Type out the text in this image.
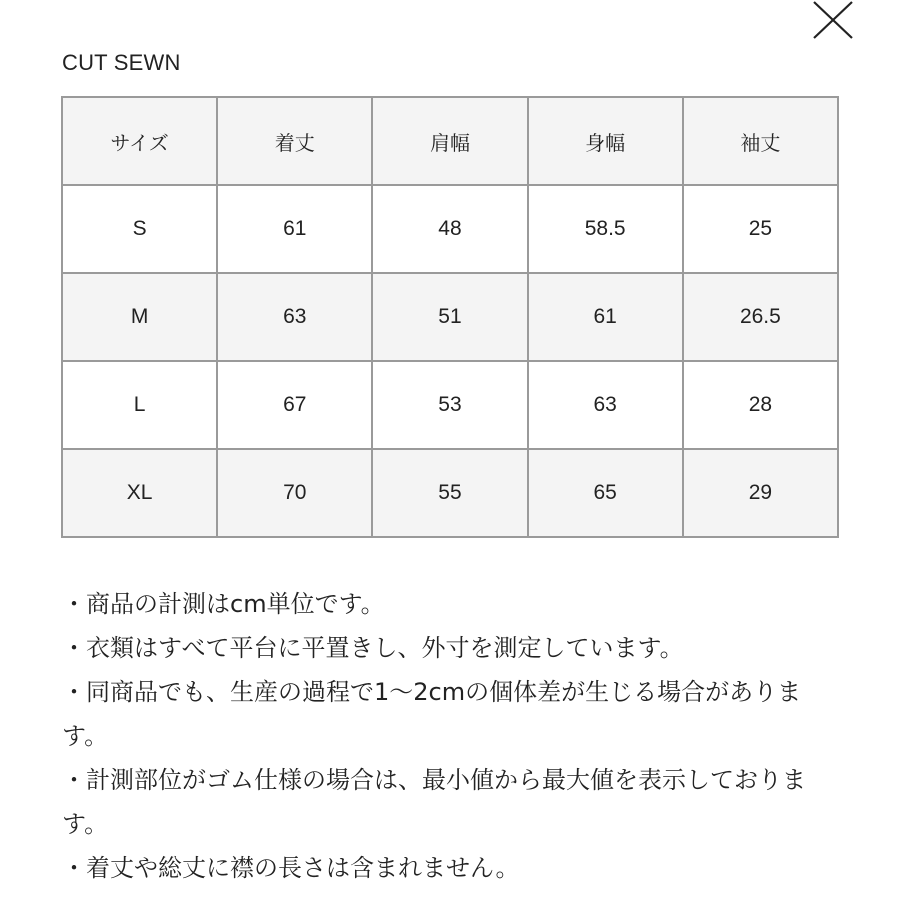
CUT SEWN
サイズ	着丈	肩幅	身幅	袖丈
S	61	48	58.5	25
M	63	51	61	26.5
L	67	53	63	28
XL	70	55	65	29
・商品の計測はcm単位です。
・衣類はすべて平台に平置きし、外寸を測定しています。
・同商品でも、生産の過程で1〜2cmの個体差が生じる場合があります。
・計測部位がゴム仕様の場合は、最小値から最大値を表示しております。
・着丈や総丈に襟の長さは含まれません。
